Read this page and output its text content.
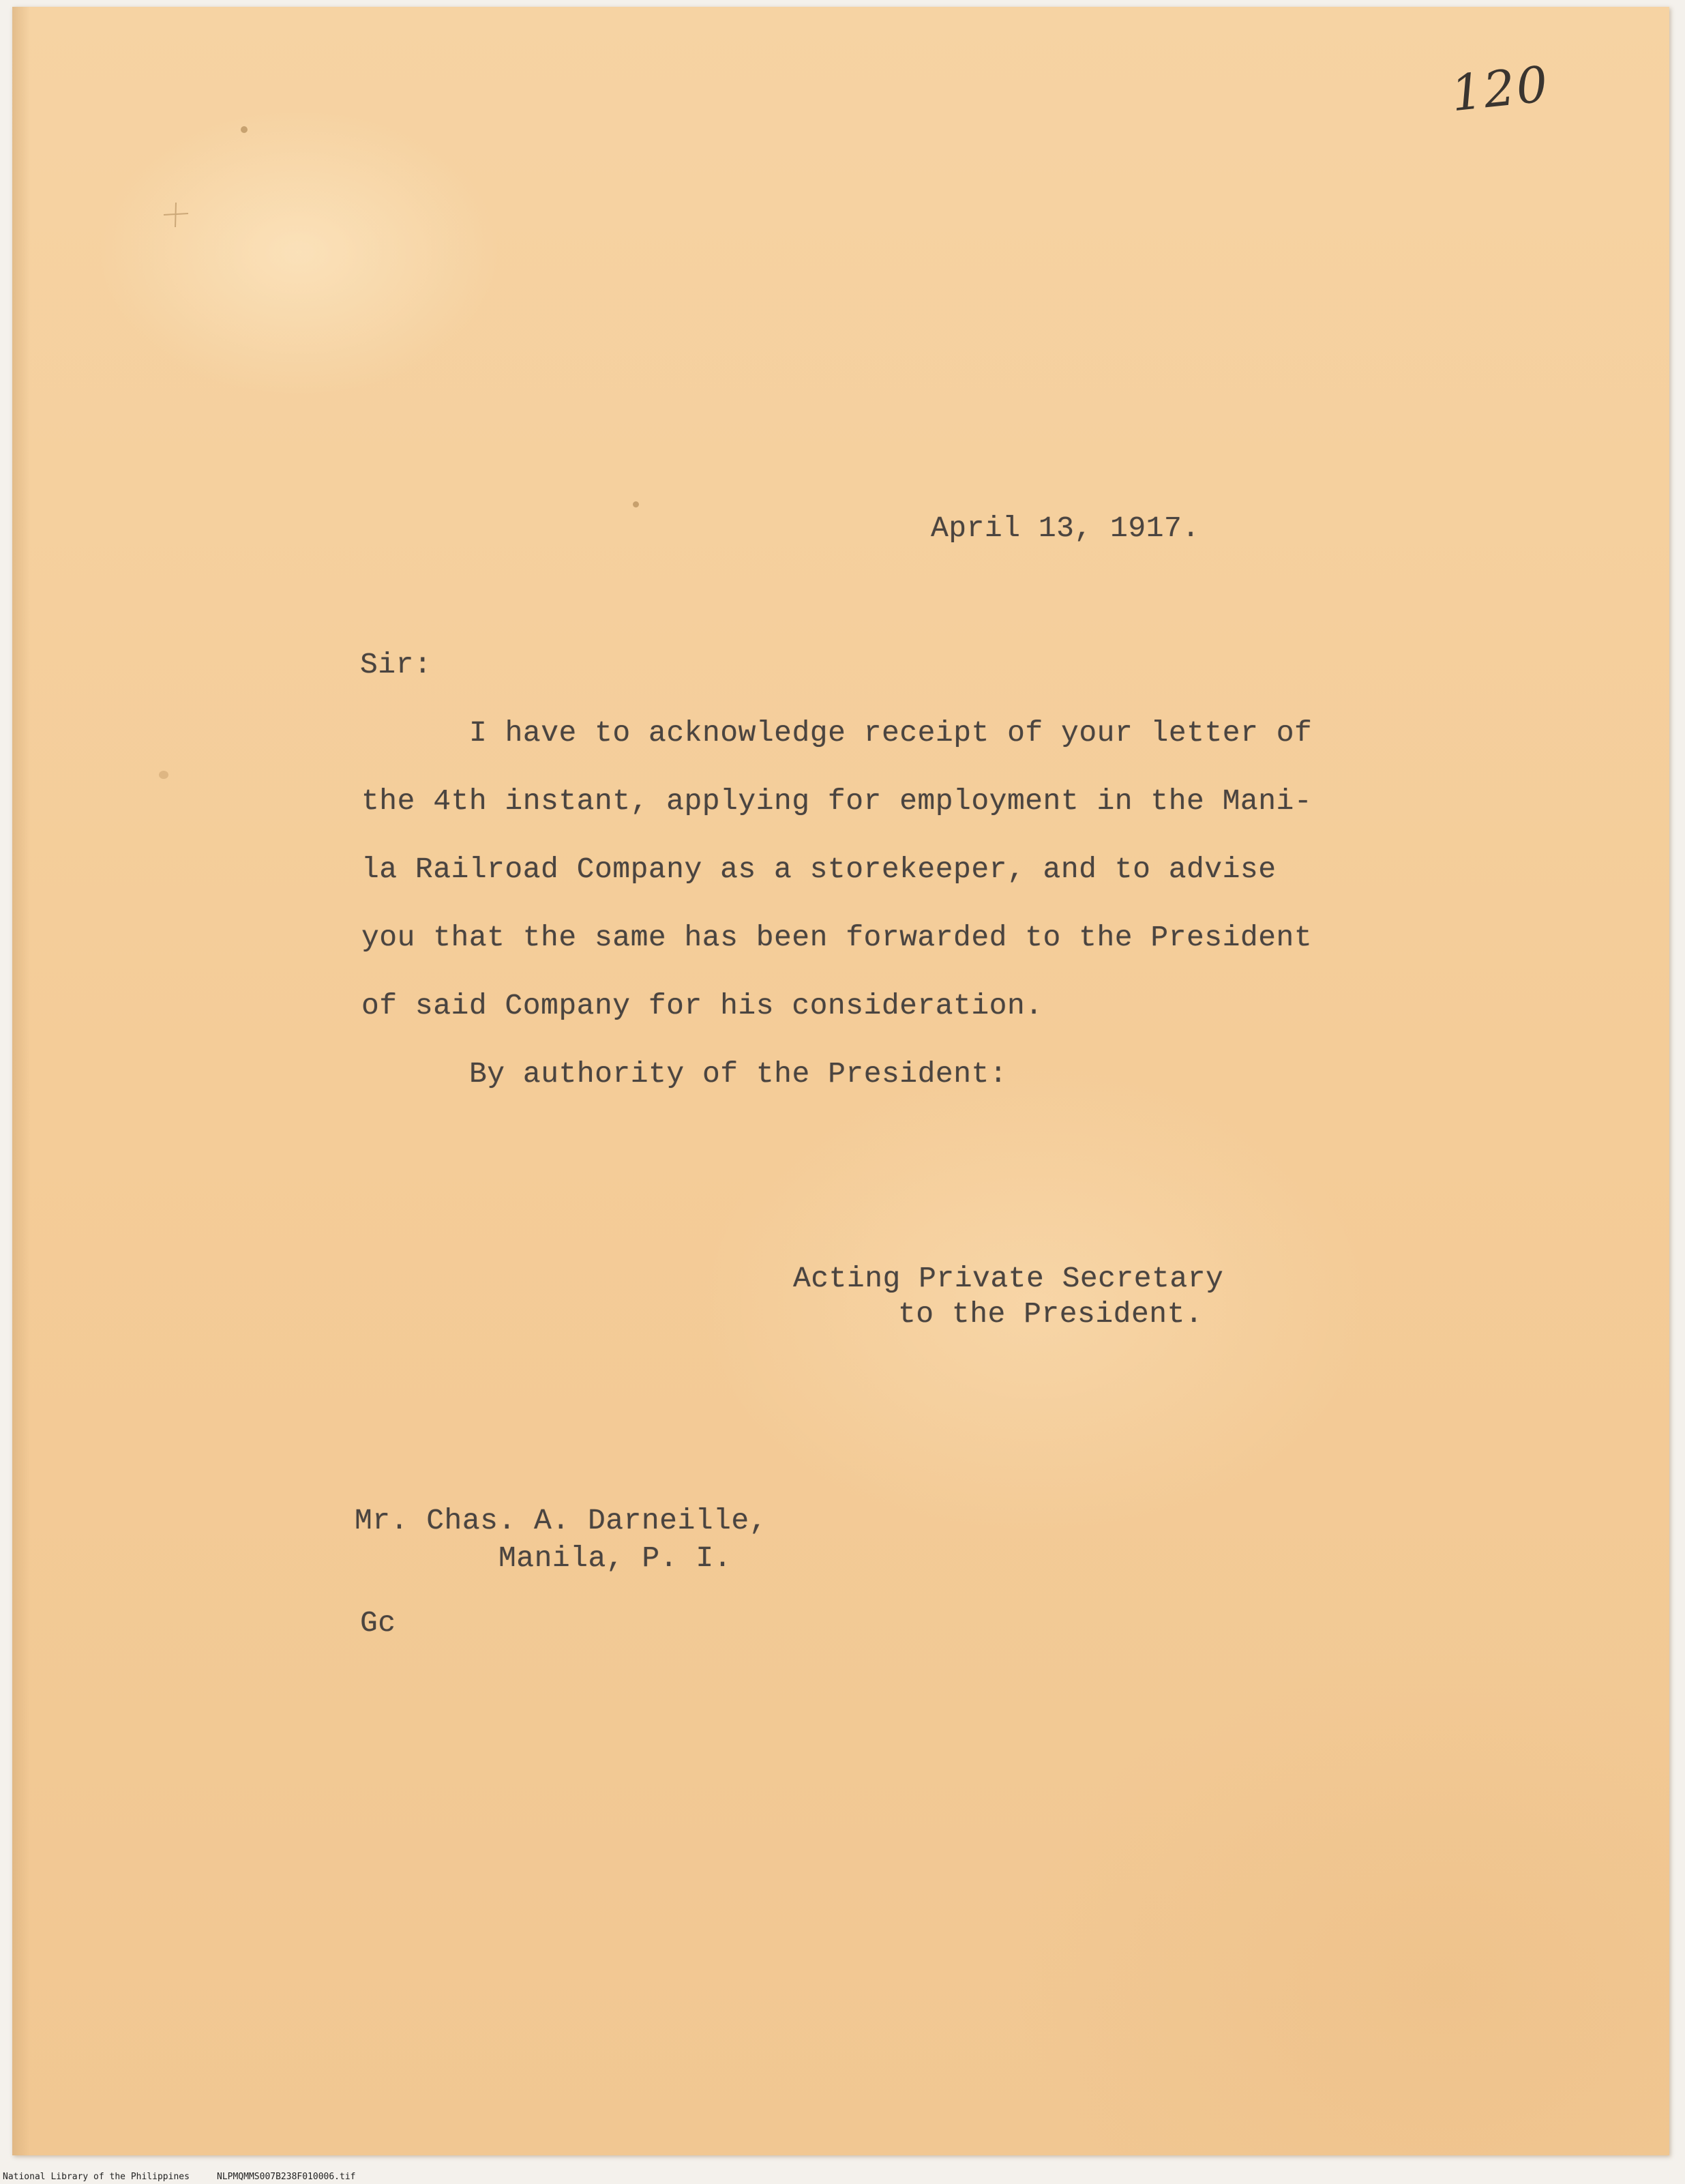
120
April 13, 1917.
Sir:
I have to acknowledge receipt of your letter of
the 4th instant, applying for employment in the Mani-
la Railroad Company as a storekeeper, and to advise
you that the same has been forwarded to the President
of said Company for his consideration.
By authority of the President:
Acting Private Secretary
to the President.
Mr. Chas. A. Darneille,
Manila, P. I.
Gc
National Library of the Philippines	NLPMQMMS007B238F010006.tif
